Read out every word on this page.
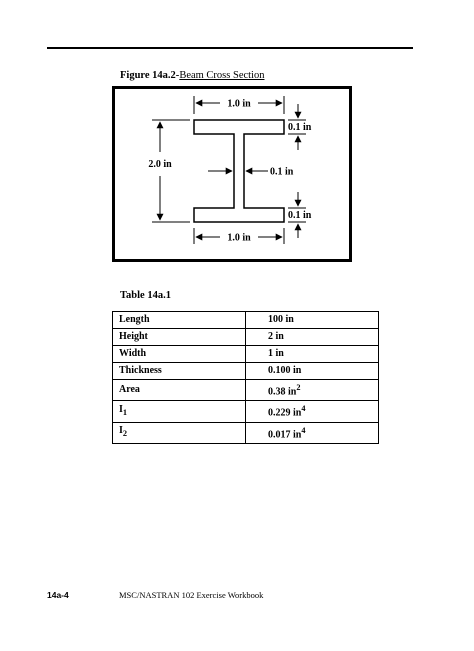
Figure 14a.2-Beam Cross Section
1.0 in
1.0 in
2.0 in
0.1 in
0.1 in
0.1 in
Table 14a.1
Length	100 in
Height	2 in
Width	1 in
Thickness	0.100 in
Area	0.38 $in^2$
$I_1$	0.229 $in^4$
$I_2$	0.017 $in^4$
14a-4	MSC/NASTRAN 102 Exercise Workbook
